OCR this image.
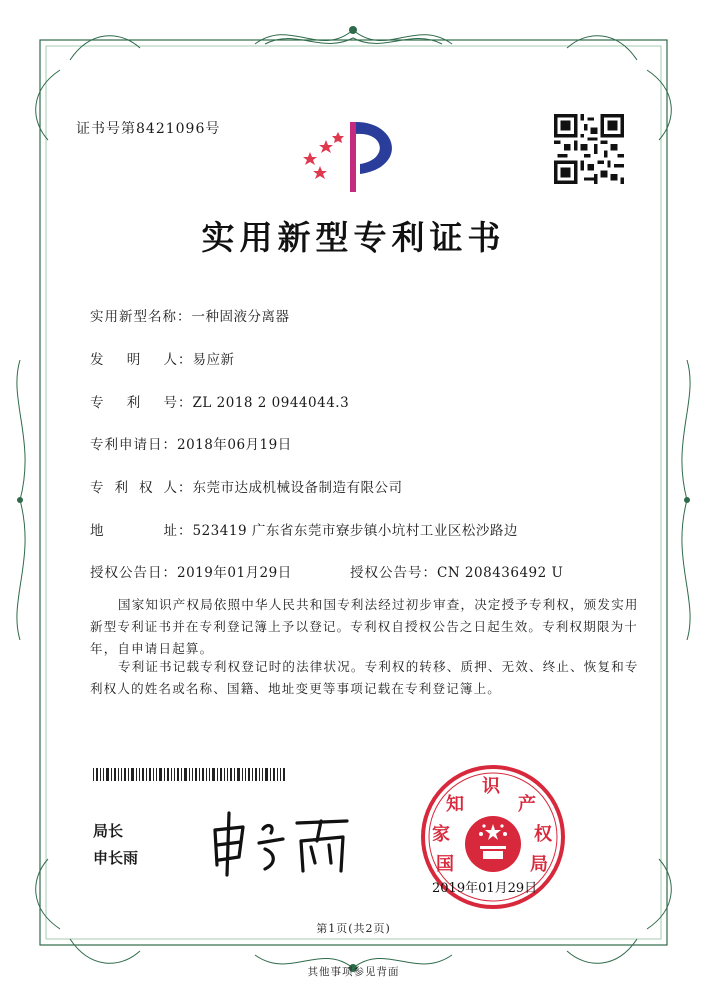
证书号第8421096号
实用新型专利证书
实用新型名称：一种固液分离器
发 明 人 ：易应新
专 利 号 ：ZL 2018 2 0944044.3
专利申请日：2018年06月19日
专 利 权 人 ：东莞市达成机械设备制造有限公司
地	址 ：523419 广东省东莞市寮步镇小坑村工业区松沙路边
授权公告日：2019年01月29日	授权公告号：CN 208436492 U
国家知识产权局依照中华人民共和国专利法经过初步审查，决定授予专利权，颁发实用
新型专利证书并在专利登记簿上予以登记。专利权自授权公告之日起生效。专利权期限为十
年，自申请日起算。
专利证书记载专利权登记时的法律状况。专利权的转移、质押、无效、终止、恢复和专
利权人的姓名或名称、国籍、地址变更等事项记载在专利登记簿上。
局长
申长雨	国
家
知
识
产
权
局
2019年01月29日
第1页(共2页)
其他事项参见背面
